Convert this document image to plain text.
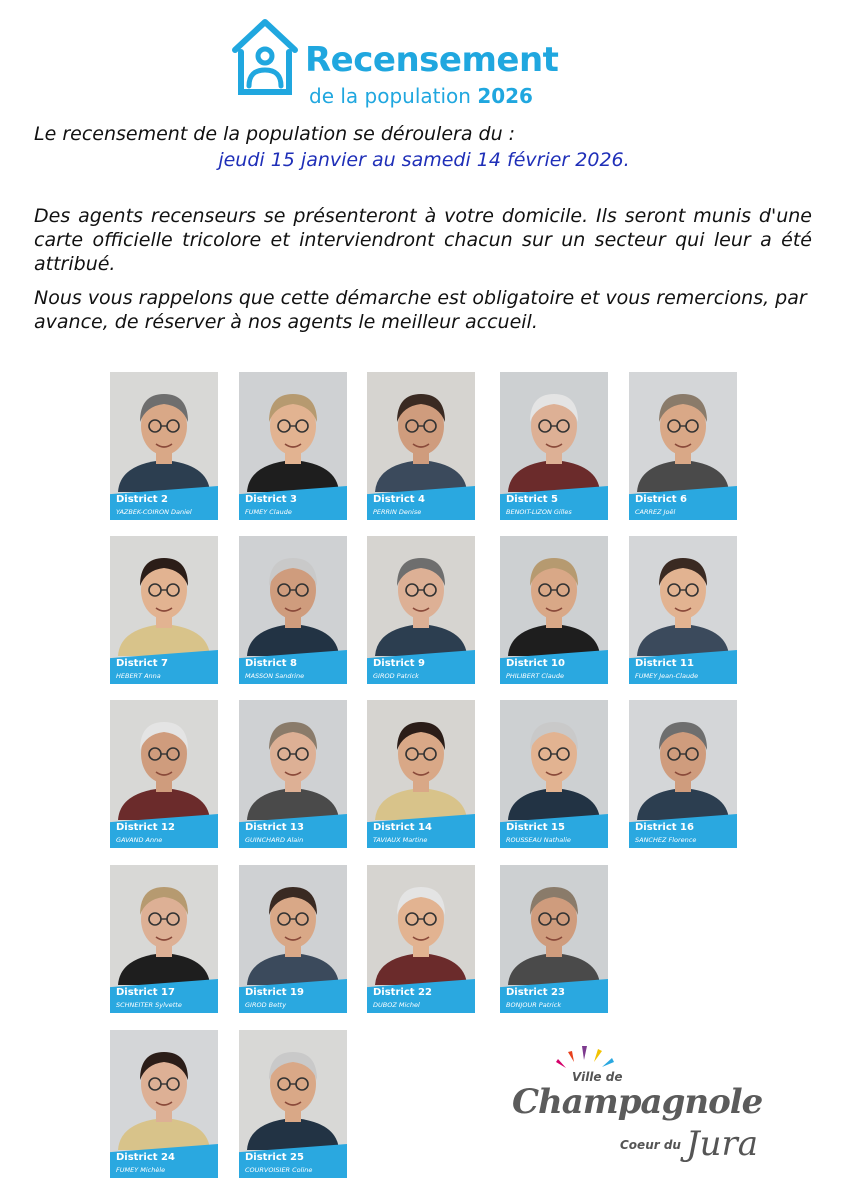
Recensement
de la population 2026
Le recensement de la population se déroulera du :
jeudi 15 janvier au samedi 14 février 2026.
Des agents recenseurs se présenteront à votre domicile. Ils seront munis d'une carte officielle tricolore et interviendront chacun sur un secteur qui leur a été attribué.
Nous vous rappelons que cette démarche est obligatoire et vous remercions, par avance, de réserver à nos agents le meilleur accueil.
District 2
YAZBEK-COIRON Daniel
District 3
FUMEY Claude
District 4
PERRIN Denise
District 5
BENOIT-LIZON Gilles
District 6
CARREZ Joël
District 7
HEBERT Anna
District 8
MASSON Sandrine
District 9
GIROD Patrick
District 10
PHILIBERT Claude
District 11
FUMEY Jean-Claude
District 12
GAVAND Anne
District 13
GUINCHARD Alain
District 14
TAVIAUX Martine
District 15
ROUSSEAU Nathalie
District 16
SANCHEZ Florence
District 17
SCHNEITER Sylvette
District 19
GIROD Betty
District 22
DUBOZ Michel
District 23
BONJOUR Patrick
District 24
FUMEY Michèle
District 25
COURVOISIER Coline
Ville de
Champagnole
Coeur du Jura
